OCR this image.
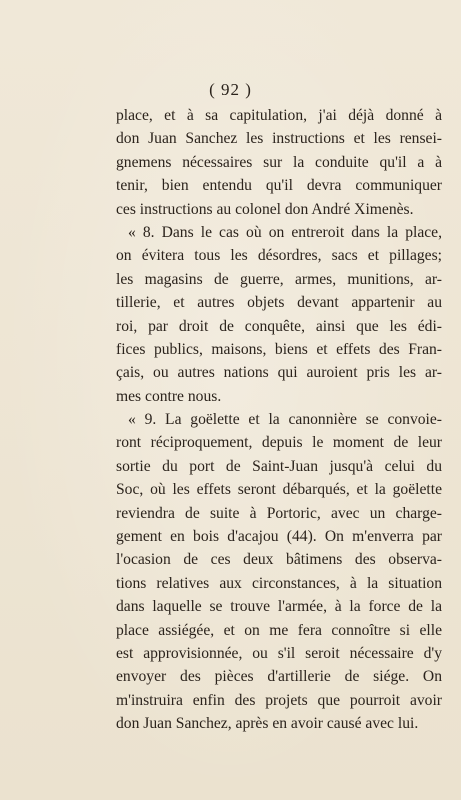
( 92 )
place, et à sa capitulation, j'ai déjà donné à
don Juan Sanchez les instructions et les rensei-
gnemens nécessaires sur la conduite qu'il a à
tenir, bien entendu qu'il devra communiquer
ces instructions au colonel don André Ximenès.
« 8. Dans le cas où on entreroit dans la place,
on évitera tous les désordres, sacs et pillages;
les magasins de guerre, armes, munitions, ar-
tillerie, et autres objets devant appartenir au
roi, par droit de conquête, ainsi que les édi-
fices publics, maisons, biens et effets des Fran-
çais, ou autres nations qui auroient pris les ar-
mes contre nous.
« 9. La goëlette et la canonnière se convoie-
ront réciproquement, depuis le moment de leur
sortie du port de Saint-Juan jusqu'à celui du
Soc, où les effets seront débarqués, et la goëlette
reviendra de suite à Portoric, avec un charge-
gement en bois d'acajou (44). On m'enverra par
l'ocasion de ces deux bâtimens des observa-
tions relatives aux circonstances, à la situation
dans laquelle se trouve l'armée, à la force de la
place assiégée, et on me fera connoître si elle
est approvisionnée, ou s'il seroit nécessaire d'y
envoyer des pièces d'artillerie de siége. On
m'instruira enfin des projets que pourroit avoir
don Juan Sanchez, après en avoir causé avec lui.
